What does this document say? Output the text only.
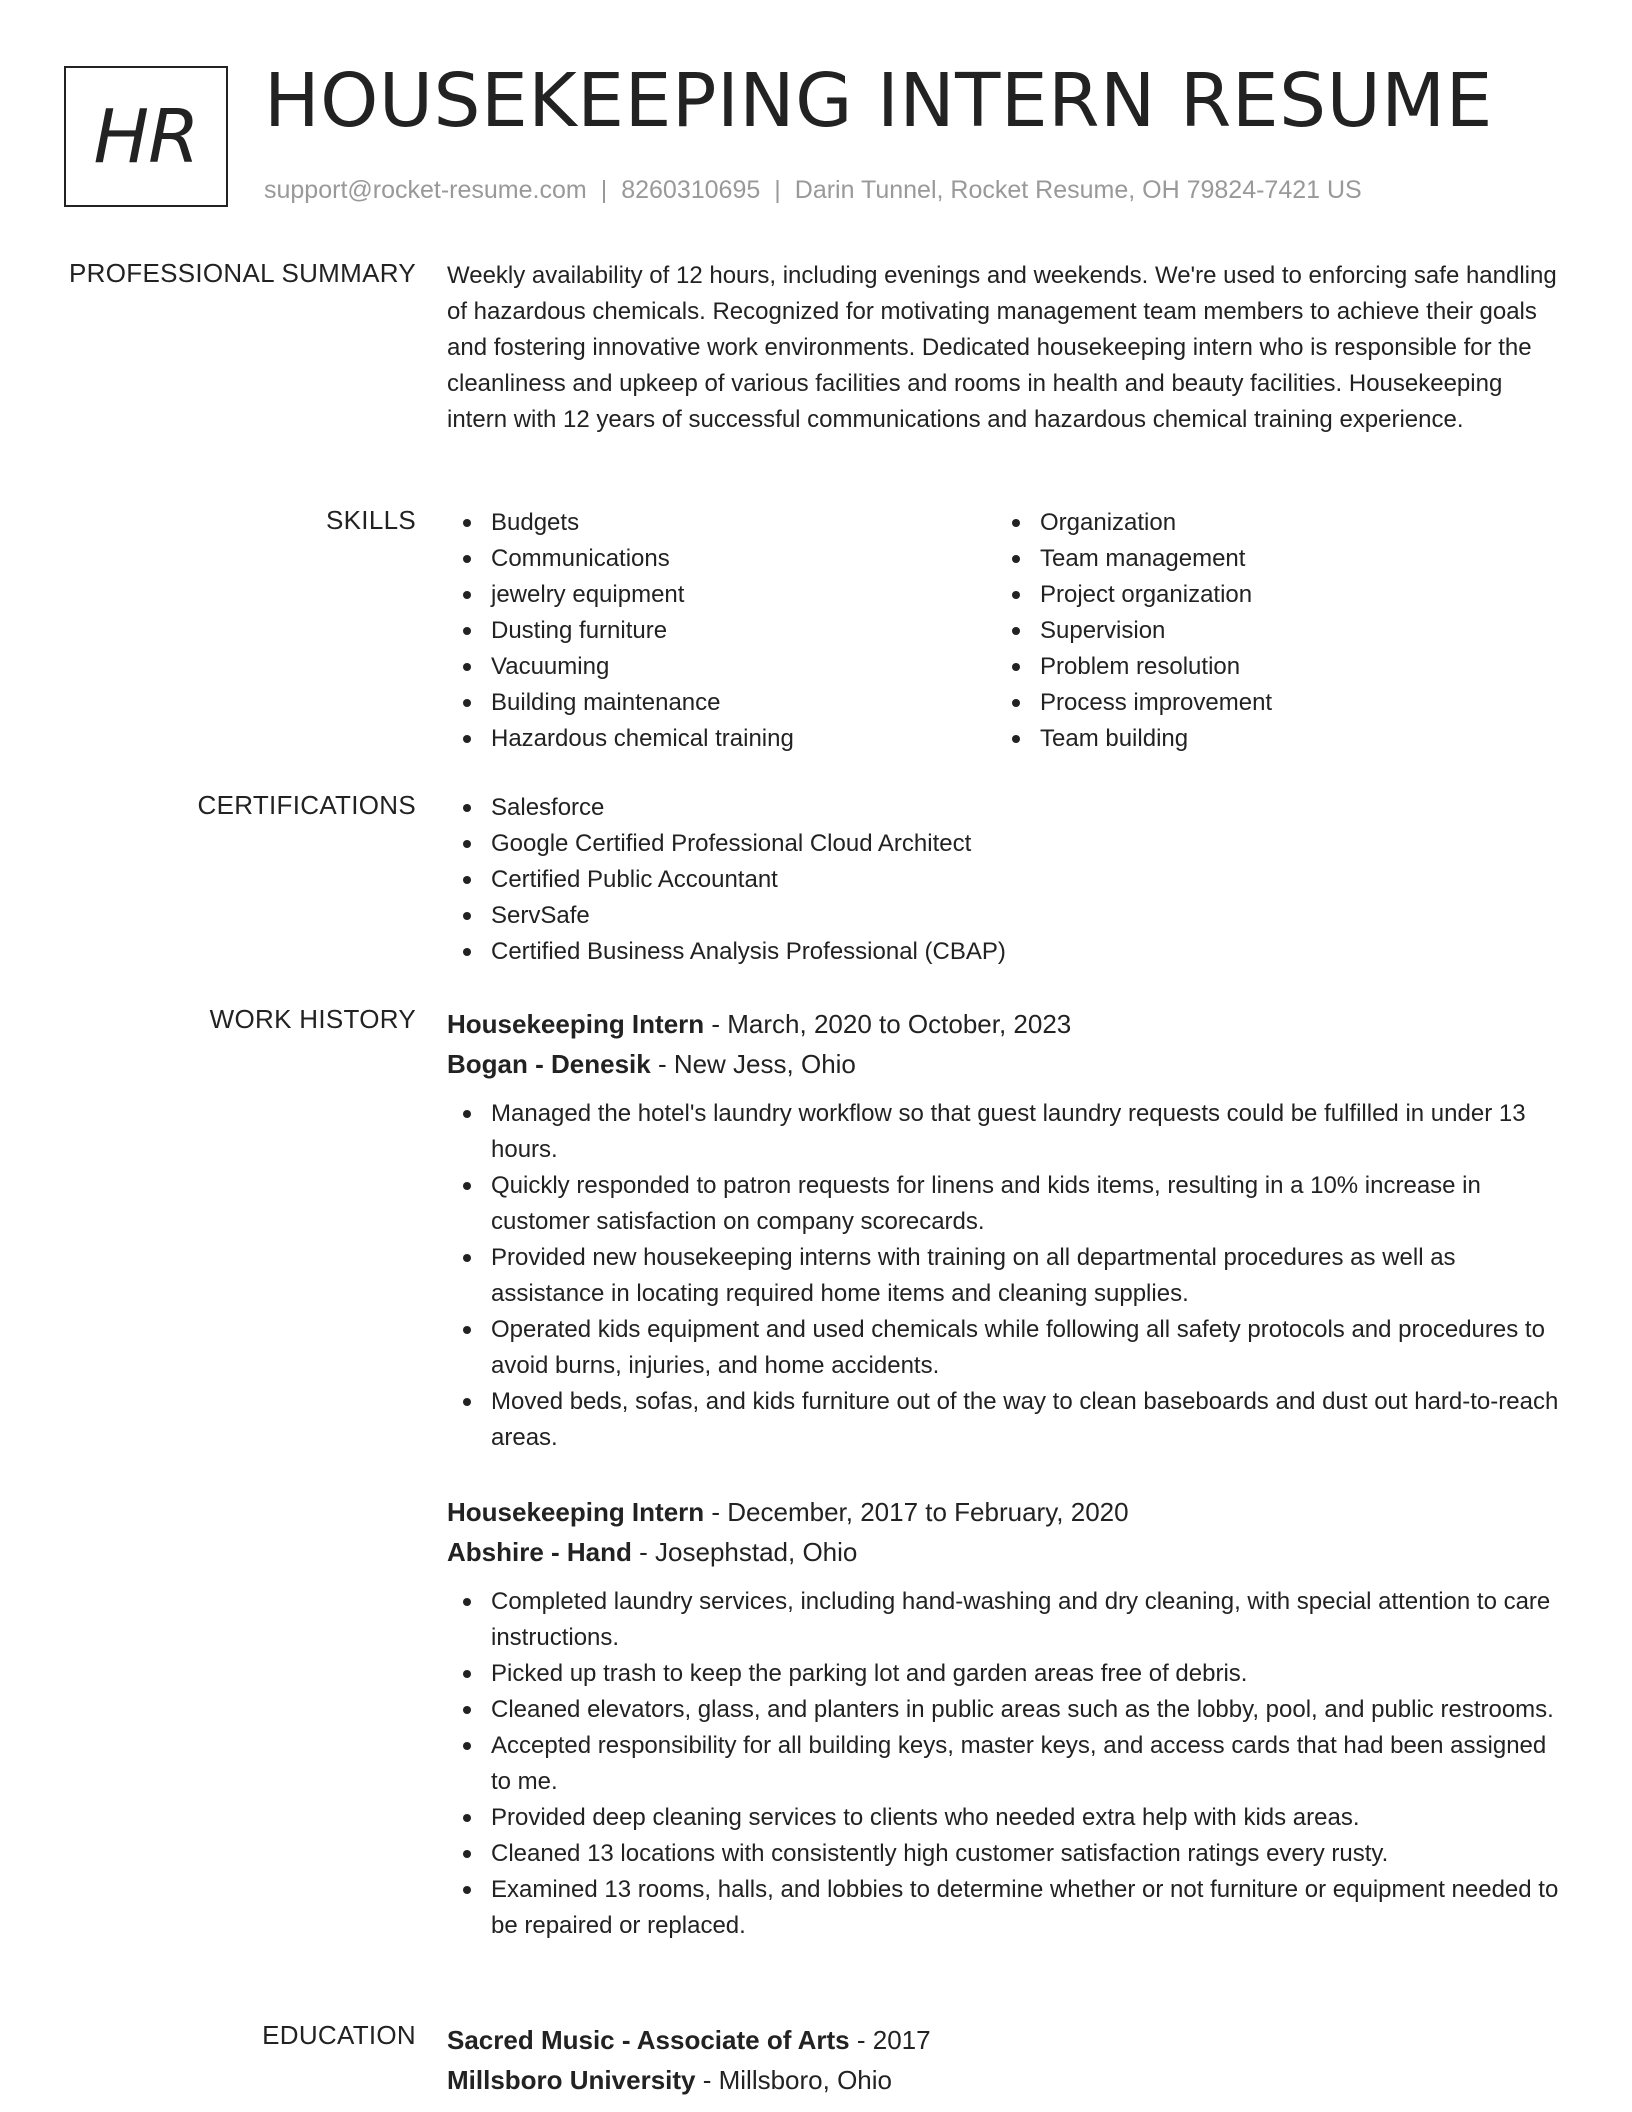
HR HOUSEKEEPING INTERN RESUME
support@rocket-resume.com | 8260310695 | Darin Tunnel, Rocket Resume, OH 79824-7421 US
PROFESSIONAL SUMMARY Weekly availability of 12 hours, including evenings and weekends. We're used to enforcing safe handling of hazardous chemicals. Recognized for motivating management team members to achieve their goals and fostering innovative work environments. Dedicated housekeeping intern who is responsible for the cleanliness and upkeep of various facilities and rooms in health and beauty facilities. Housekeeping intern with 12 years of successful communications and hazardous chemical training experience.

SKILLS	Budgets
Communications
jewelry equipment
Dusting furniture
Vacuuming
Building maintenance
Hazardous chemical training
Organization
Team management
Project organization
Supervision
Problem resolution
Process improvement
Team building
CERTIFICATIONS	Salesforce
Google Certified Professional Cloud Architect
Certified Public Accountant
ServSafe
Certified Business Analysis Professional (CBAP)
WORK HISTORY Housekeeping Intern - March, 2020 to October, 2023
Bogan - Denesik - New Jess, Ohio
Managed the hotel's laundry workflow so that guest laundry requests could be fulfilled in under 13 hours.
Quickly responded to patron requests for linens and kids items, resulting in a 10% increase in customer satisfaction on company scorecards.
Provided new housekeeping interns with training on all departmental procedures as well as assistance in locating required home items and cleaning supplies.
Operated kids equipment and used chemicals while following all safety protocols and procedures to avoid burns, injuries, and home accidents.
Moved beds, sofas, and kids furniture out of the way to clean baseboards and dust out hard-to-reach areas.
Housekeeping Intern - December, 2017 to February, 2020
Abshire - Hand - Josephstad, Ohio
Completed laundry services, including hand-washing and dry cleaning, with special attention to care instructions.
Picked up trash to keep the parking lot and garden areas free of debris.
Cleaned elevators, glass, and planters in public areas such as the lobby, pool, and public restrooms.
Accepted responsibility for all building keys, master keys, and access cards that had been assigned to me.
Provided deep cleaning services to clients who needed extra help with kids areas.
Cleaned 13 locations with consistently high customer satisfaction ratings every rusty.
Examined 13 rooms, halls, and lobbies to determine whether or not furniture or equipment needed to be repaired or replaced.
EDUCATION Sacred Music - Associate of Arts - 2017
Millsboro University - Millsboro, Ohio
